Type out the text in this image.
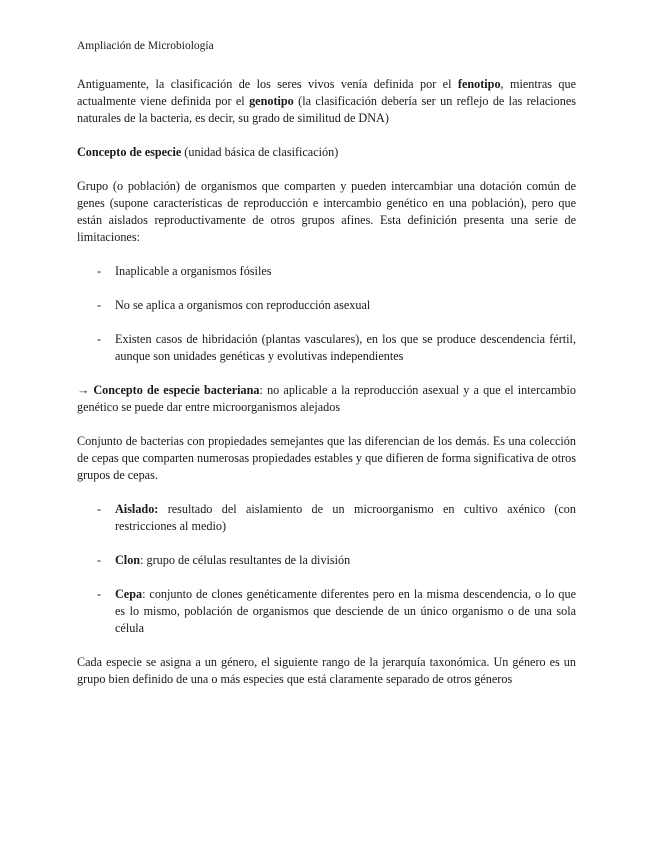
Ampliación de Microbiología

Antiguamente, la clasificación de los seres vivos venía definida por el fenotipo, mientras que actualmente viene definida por el genotipo (la clasificación debería ser un reflejo de las relaciones naturales de la bacteria, es decir, su grado de similitud de DNA)

Concepto de especie (unidad básica de clasificación)

Grupo (o población) de organismos que comparten y pueden intercambiar una dotación común de genes (supone características de reproducción e intercambio genético en una población), pero que están aislados reproductivamente de otros grupos afines. Esta definición presenta una serie de limitaciones:

-	Inaplicable a organismos fósiles
-	No se aplica a organismos con reproducción asexual
-	Existen casos de hibridación (plantas vasculares), en los que se produce descendencia fértil, aunque son unidades genéticas y evolutivas independientes

→ Concepto de especie bacteriana: no aplicable a la reproducción asexual y a que el intercambio genético se puede dar entre microorganismos alejados

Conjunto de bacterias con propiedades semejantes que las diferencian de los demás. Es una colección de cepas que comparten numerosas propiedades estables y que difieren de forma significativa de otros grupos de cepas.

-	Aislado: resultado del aislamiento de un microorganismo en cultivo axénico (con restricciones al medio)
-	Clon: grupo de células resultantes de la división
-	Cepa: conjunto de clones genéticamente diferentes pero en la misma descendencia, o lo que es lo mismo, población de organismos que desciende de un único organismo o de una sola célula

Cada especie se asigna a un género, el siguiente rango de la jerarquía taxonómica. Un género es un grupo bien definido de una o más especies que está claramente separado de otros géneros
